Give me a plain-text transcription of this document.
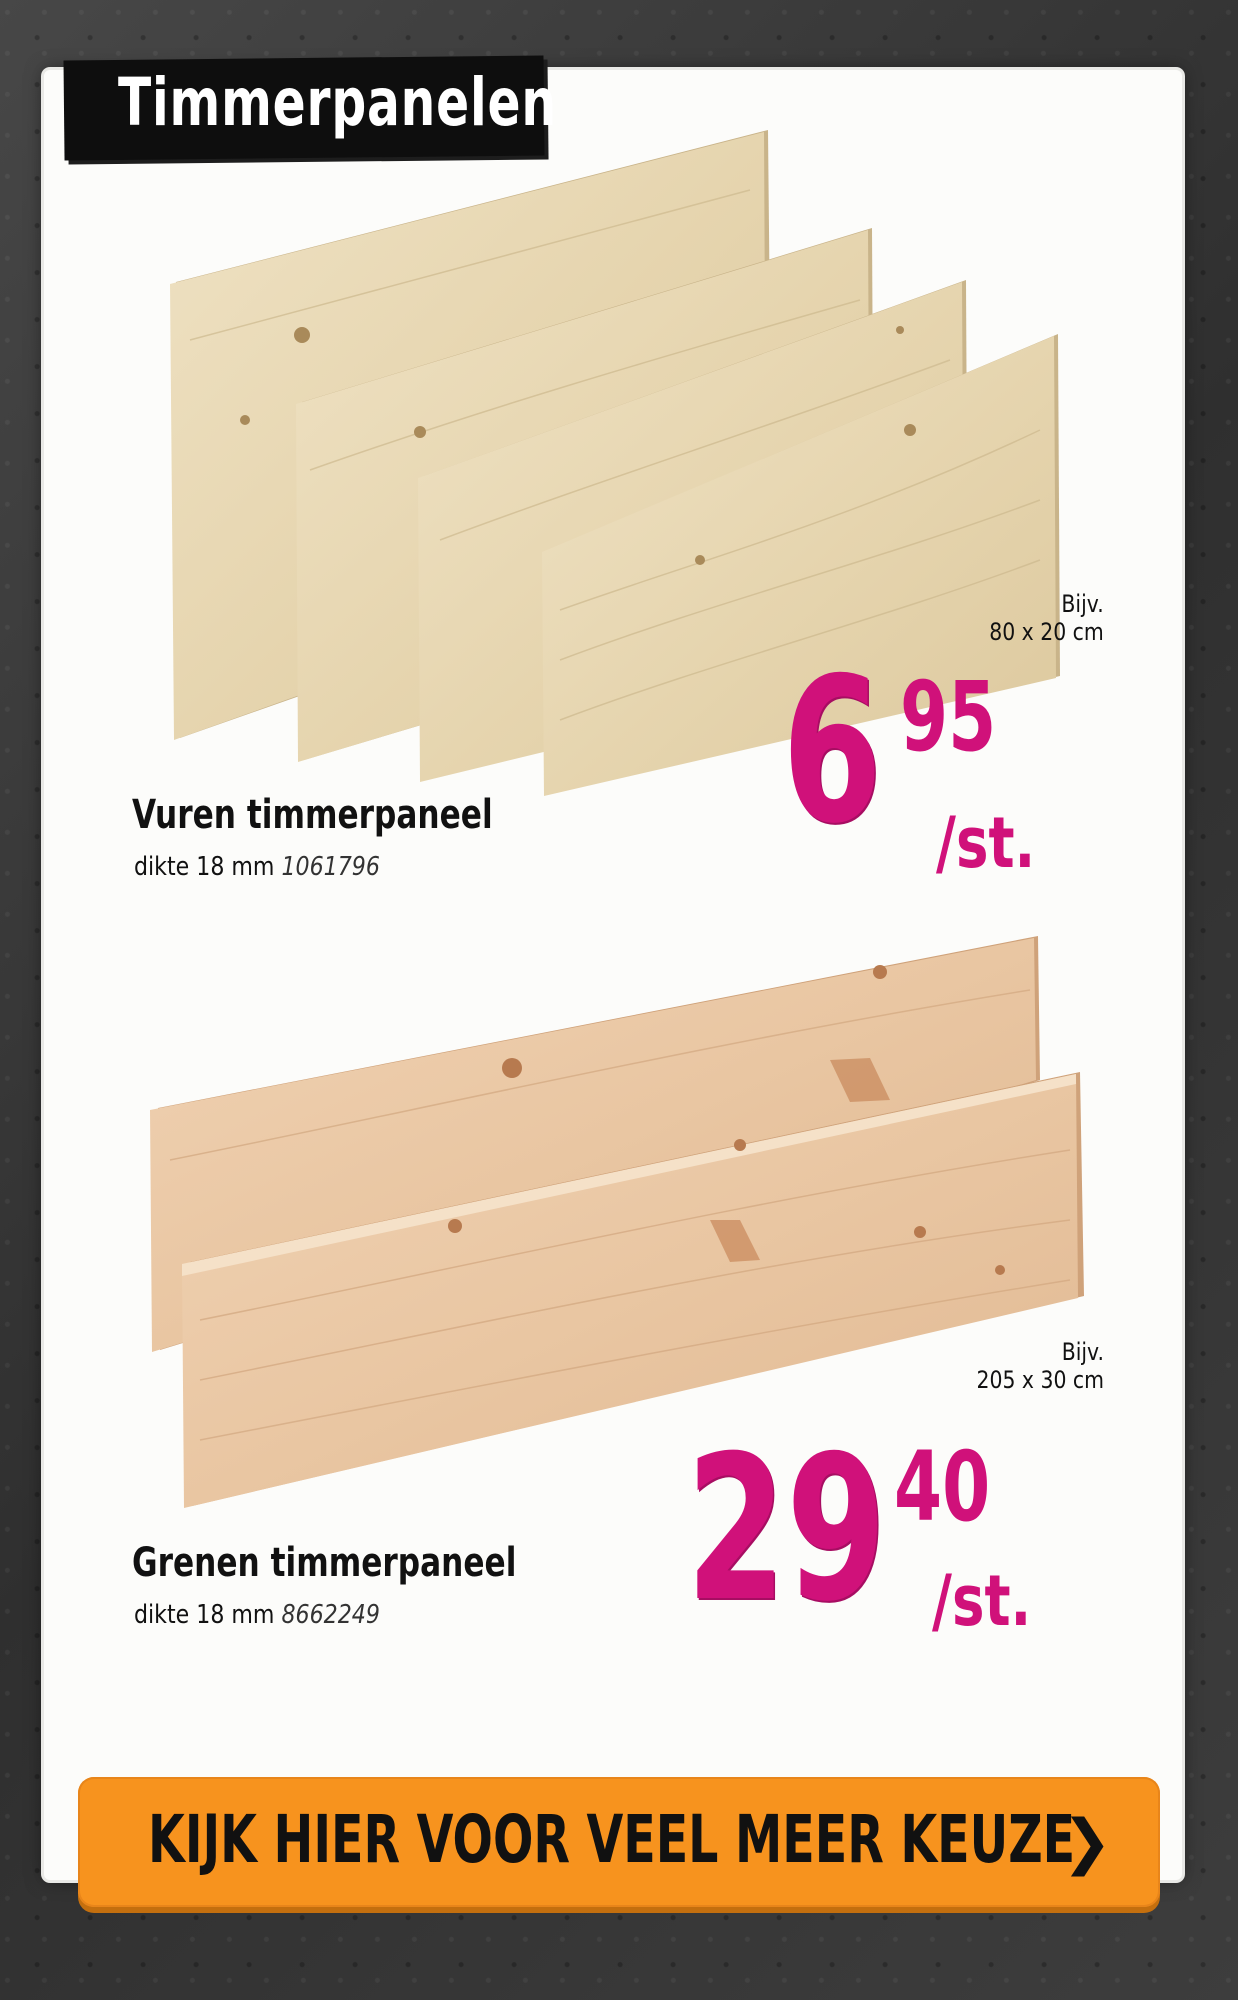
Timmerpanelen
Vuren timmerpaneel
dikte 18 mm 1061796
Bijv.
80 x 20 cm
6 95
/st.
Grenen timmerpaneel
dikte 18 mm 8662249
Bijv.
205 x 30 cm
29 40
/st.
KIJK HIER VOOR VEEL MEER KEUZE
❯
